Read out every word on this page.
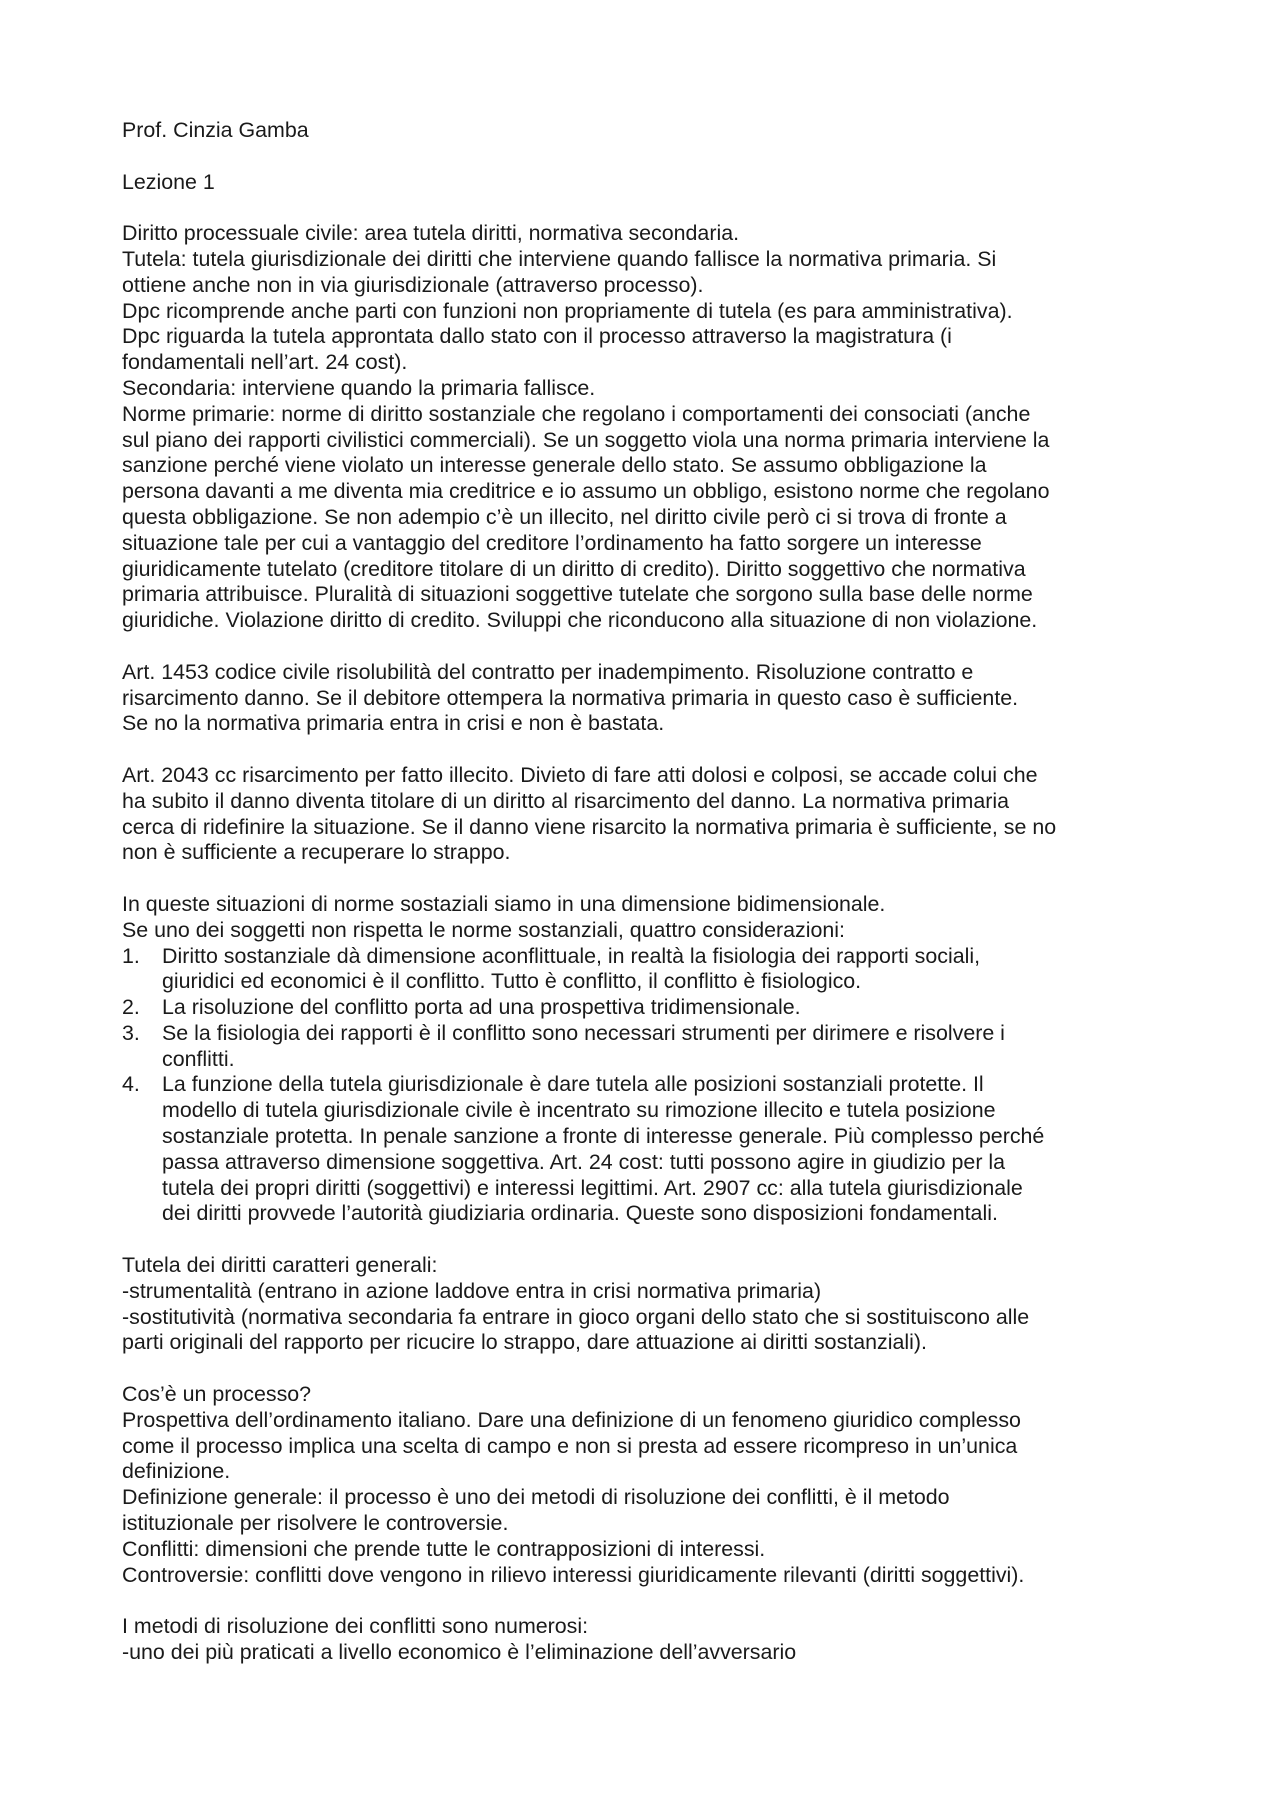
Prof. Cinzia Gamba

Lezione 1

Diritto processuale civile: area tutela diritti, normativa secondaria.

Tutela: tutela giurisdizionale dei diritti che interviene quando fallisce la normativa primaria. Si
ottiene anche non in via giurisdizionale (attraverso processo).

Dpc ricomprende anche parti con funzioni non propriamente di tutela (es para amministrativa).

Dpc riguarda la tutela approntata dallo stato con il processo attraverso la magistratura (i
fondamentali nell’art. 24 cost).

Secondaria: interviene quando la primaria fallisce.

Norme primarie: norme di diritto sostanziale che regolano i comportamenti dei consociati (anche
sul piano dei rapporti civilistici commerciali). Se un soggetto viola una norma primaria interviene la
sanzione perché viene violato un interesse generale dello stato. Se assumo obbligazione la
persona davanti a me diventa mia creditrice e io assumo un obbligo, esistono norme che regolano
questa obbligazione. Se non adempio c’è un illecito, nel diritto civile però ci si trova di fronte a
situazione tale per cui a vantaggio del creditore l’ordinamento ha fatto sorgere un interesse
giuridicamente tutelato (creditore titolare di un diritto di credito). Diritto soggettivo che normativa
primaria attribuisce. Pluralità di situazioni soggettive tutelate che sorgono sulla base delle norme
giuridiche. Violazione diritto di credito. Sviluppi che riconducono alla situazione di non violazione.

Art. 1453 codice civile risolubilità del contratto per inadempimento. Risoluzione contratto e
risarcimento danno. Se il debitore ottempera la normativa primaria in questo caso è sufficiente.
Se no la normativa primaria entra in crisi e non è bastata.

Art. 2043 cc risarcimento per fatto illecito. Divieto di fare atti dolosi e colposi, se accade colui che
ha subito il danno diventa titolare di un diritto al risarcimento del danno. La normativa primaria
cerca di ridefinire la situazione. Se il danno viene risarcito la normativa primaria è sufficiente, se no
non è sufficiente a recuperare lo strappo.

In queste situazioni di norme sostaziali siamo in una dimensione bidimensionale.

Se uno dei soggetti non rispetta le norme sostanziali, quattro considerazioni:

1. Diritto sostanziale dà dimensione aconflittuale, in realtà la fisiologia dei rapporti sociali,
giuridici ed economici è il conflitto. Tutto è conflitto, il conflitto è fisiologico.
2. La risoluzione del conflitto porta ad una prospettiva tridimensionale.
3. Se la fisiologia dei rapporti è il conflitto sono necessari strumenti per dirimere e risolvere i
conflitti.
4. La funzione della tutela giurisdizionale è dare tutela alle posizioni sostanziali protette. Il
modello di tutela giurisdizionale civile è incentrato su rimozione illecito e tutela posizione
sostanziale protetta. In penale sanzione a fronte di interesse generale. Più complesso perché
passa attraverso dimensione soggettiva. Art. 24 cost: tutti possono agire in giudizio per la
tutela dei propri diritti (soggettivi) e interessi legittimi. Art. 2907 cc: alla tutela giurisdizionale
dei diritti provvede l’autorità giudiziaria ordinaria. Queste sono disposizioni fondamentali.

Tutela dei diritti caratteri generali:

-strumentalità (entrano in azione laddove entra in crisi normativa primaria)

-sostitutività (normativa secondaria fa entrare in gioco organi dello stato che si sostituiscono alle
parti originali del rapporto per ricucire lo strappo, dare attuazione ai diritti sostanziali).

Cos’è un processo?

Prospettiva dell’ordinamento italiano. Dare una definizione di un fenomeno giuridico complesso
come il processo implica una scelta di campo e non si presta ad essere ricompreso in un’unica
definizione.

Definizione generale: il processo è uno dei metodi di risoluzione dei conflitti, è il metodo
istituzionale per risolvere le controversie.

Conflitti: dimensioni che prende tutte le contrapposizioni di interessi.

Controversie: conflitti dove vengono in rilievo interessi giuridicamente rilevanti (diritti soggettivi).

I metodi di risoluzione dei conflitti sono numerosi:

-uno dei più praticati a livello economico è l’eliminazione dell’avversario
